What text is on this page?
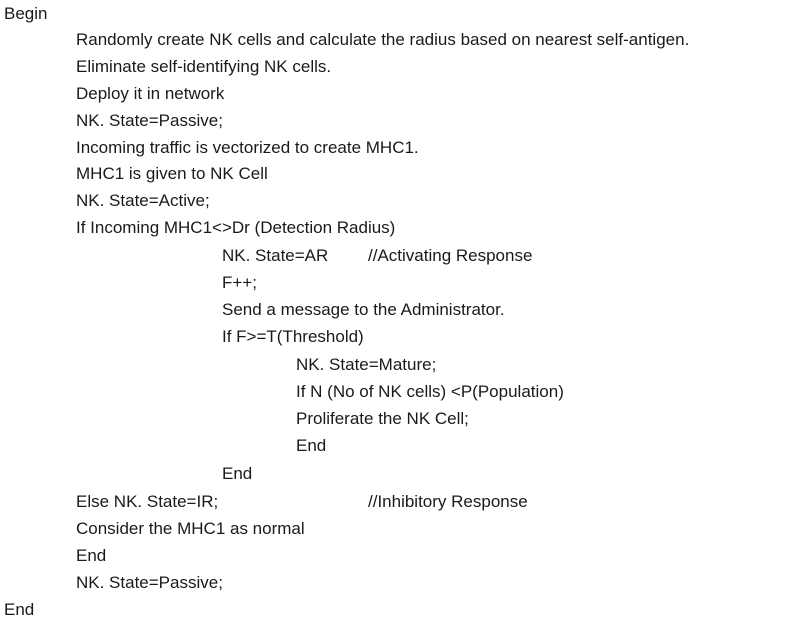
Begin
Randomly create NK cells and calculate the radius based on nearest self-antigen.
Eliminate self-identifying NK cells.
Deploy it in network
NK. State=Passive;
Incoming traffic is vectorized to create MHC1.
MHC1 is given to NK Cell
NK. State=Active;
If Incoming MHC1<>Dr (Detection Radius)
NK. State=AR //Activating Response
F++;
Send a message to the Administrator.
If F>=T(Threshold)
NK. State=Mature;
If N (No of NK cells) <P(Population)
Proliferate the NK Cell;
End
End
Else NK. State=IR;	//Inhibitory Response
Consider the MHC1 as normal
End
NK. State=Passive;
End
